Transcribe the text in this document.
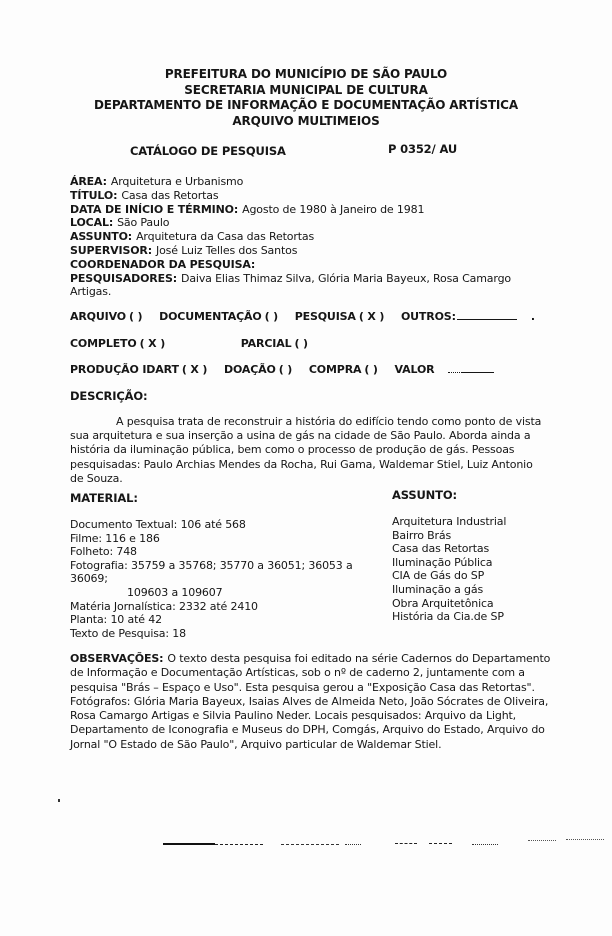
PREFEITURA DO MUNICÍPIO DE SÃO PAULO
SECRETARIA MUNICIPAL DE CULTURA
DEPARTAMENTO DE INFORMAÇÃO E DOCUMENTAÇÃO ARTÍSTICA
ARQUIVO MULTIMEIOS
CATÁLOGO DE PESQUISA	P 0352/ AU
ÁREA: Arquitetura e Urbanismo
TÍTULO: Casa das Retortas
DATA DE INÍCIO E TÉRMINO: Agosto de 1980 à Janeiro de 1981
LOCAL: São Paulo
ASSUNTO: Arquitetura da Casa das Retortas
SUPERVISOR: José Luiz Telles dos Santos
COORDENADOR DA PESQUISA:
PESQUISADORES: Daiva Elias Thimaz Silva, Glória Maria Bayeux, Rosa Camargo Artigas.
ARQUIVO ( ) DOCUMENTAÇÃO ( ) PESQUISA ( X ) OUTROS:	.
COMPLETO ( X )	PARCIAL ( )
PRODUÇÃO IDART ( X ) DOAÇÃO ( ) COMPRA ( ) VALOR
DESCRIÇÃO:

A pesquisa trata de reconstruir a história do edifício tendo como ponto de vista sua arquitetura e sua inserção a usina de gás na cidade de São Paulo. Aborda ainda a história da iluminação pública, bem como o processo de produção de gás. Pessoas pesquisadas: Paulo Archias Mendes da Rocha, Rui Gama, Waldemar Stiel, Luiz Antonio de Souza.

MATERIAL:
Documento Textual: 106 até 568
Filme: 116 e 186
Folheto: 748
Fotografia: 35759 a 35768; 35770 a 36051; 36053 a 36069;
109603 a 109607
Matéria Jornalística: 2332 até 2410
Planta: 10 até 42
Texto de Pesquisa: 18
ASSUNTO:
Arquitetura Industrial
Bairro Brás
Casa das Retortas
Iluminação Pública
CIA de Gás do SP
Iluminação a gás
Obra Arquitetônica
História da Cia.de SP

OBSERVAÇÕES: O texto desta pesquisa foi editado na série Cadernos do Departamento de Informação e Documentação Artísticas, sob o nº de caderno 2, juntamente com a pesquisa "Brás – Espaço e Uso". Esta pesquisa gerou a "Exposição Casa das Retortas". Fotógrafos: Glória Maria Bayeux, Isaias Alves de Almeida Neto, João Sócrates de Oliveira, Rosa Camargo Artigas e Silvia Paulino Neder. Locais pesquisados: Arquivo da Light, Departamento de Iconografia e Museus do DPH, Comgás, Arquivo do Estado, Arquivo do Jornal "O Estado de São Paulo", Arquivo particular de Waldemar Stiel.
